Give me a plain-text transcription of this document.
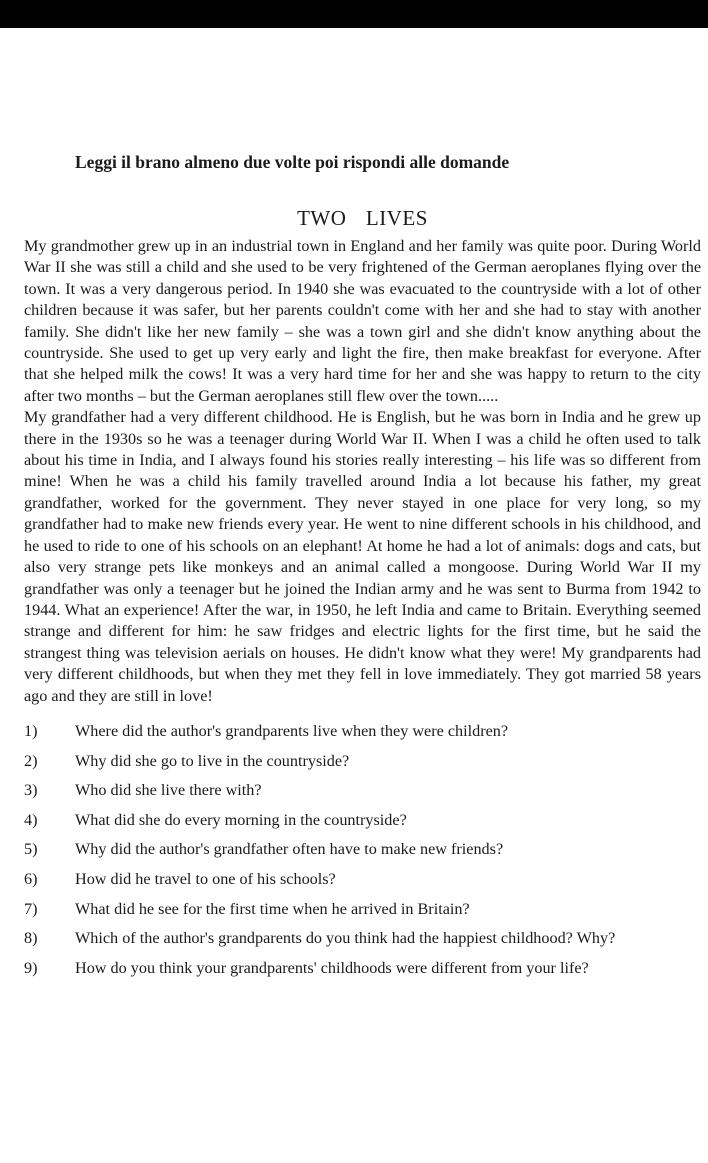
Leggi il brano almeno due volte poi rispondi alle domande

TWO  LIVES

My grandmother grew up in an industrial town in England and her family was quite poor. During World War II she was still a child and she used to be very frightened of the German aeroplanes flying over the town. It was a very dangerous period. In 1940 she was evacuated to the countryside with a lot of other children because it was safer, but her parents couldn't come with her and she had to stay with another family. She didn't like her new family – she was a town girl and she didn't know anything about the countryside. She used to get up very early and light the fire, then make breakfast for everyone. After that she helped milk the cows! It was a very hard time for her and she was happy to return to the city after two months – but the German aeroplanes still flew over the town.....

My grandfather had a very different childhood. He is English, but he was born in India and he grew up there in the 1930s so he was a teenager during World War II. When I was a child he often used to talk about his time in India, and I always found his stories really interesting – his life was so different from mine! When he was a child his family travelled around India a lot because his father, my great grandfather, worked for the government. They never stayed in one place for very long, so my grandfather had to make new friends every year. He went to nine different schools in his childhood, and he used to ride to one of his schools on an elephant! At home he had a lot of animals: dogs and cats, but also very strange pets like monkeys and an animal called a mongoose. During World War II my grandfather was only a teenager but he joined the Indian army and he was sent to Burma from 1942 to 1944. What an experience! After the war, in 1950, he left India and came to Britain. Everything seemed strange and different for him: he saw fridges and electric lights for the first time, but he said the strangest thing was television aerials on houses. He didn't know what they were! My grandparents had very different childhoods, but when they met they fell in love immediately. They got married 58 years ago and they are still in love!

1)	Where did the author's grandparents live when they were children?
2)	Why did she go to live in the countryside?
3)	Who did she live there with?
4)	What did she do every morning in the countryside?
5)	Why did the author's grandfather often have to make new friends?
6)	How did he travel to one of his schools?
7)	What did he see for the first time when he arrived in Britain?
8)	Which of the author's grandparents do you think had the happiest childhood? Why?
9)	How do you think your grandparents' childhoods were different from your life?
